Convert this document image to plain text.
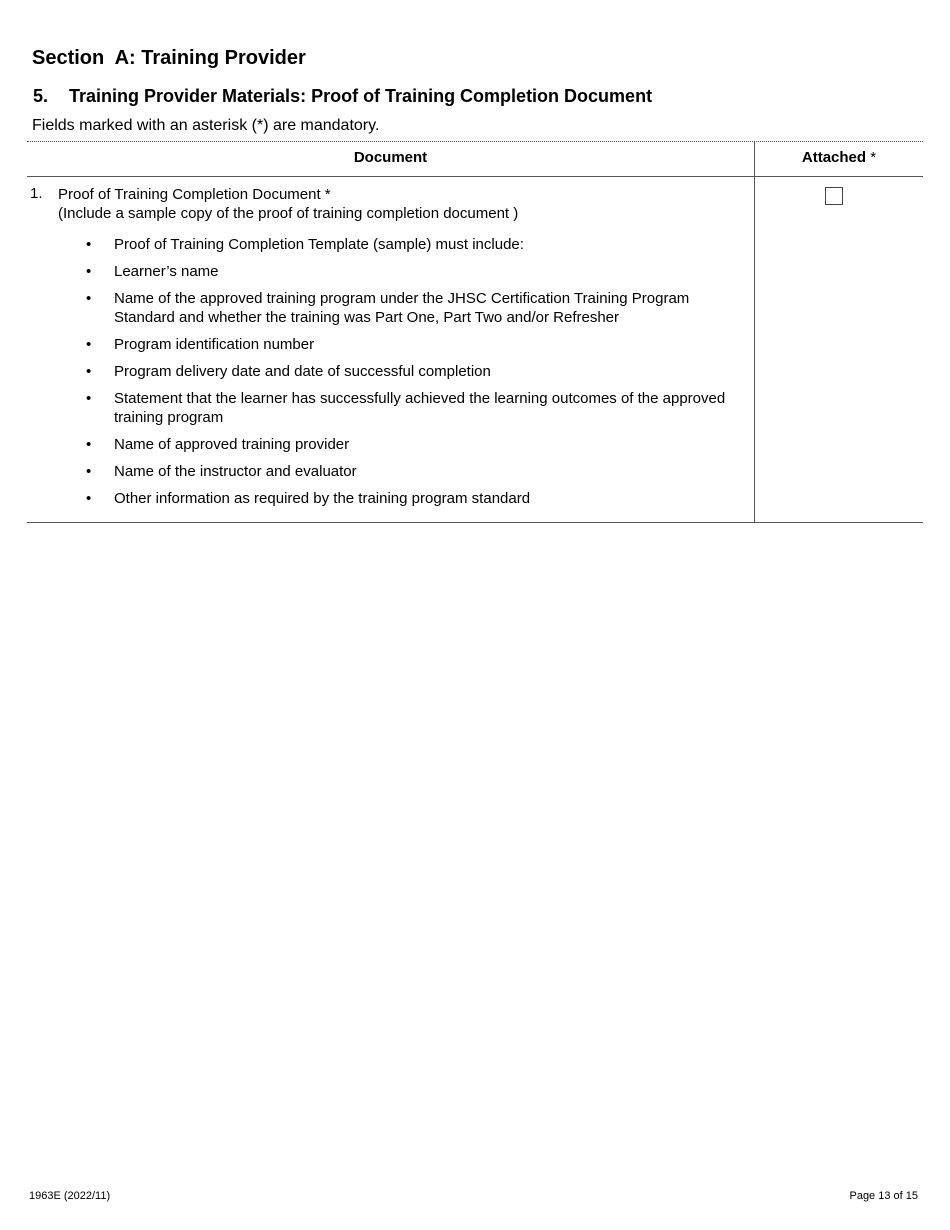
Section  A: Training Provider
5.	Training Provider Materials: Proof of Training Completion Document
Fields marked with an asterisk (*) are mandatory.
Document	Attached *
1. Proof of Training Completion Document *
(Include a sample copy of the proof of training completion document )
• Proof of Training Completion Template (sample) must include:
• Learner’s name
• Name of the approved training program under the JHSC Certification Training Program Standard and whether the training was Part One, Part Two and/or Refresher
• Program identification number
• Program delivery date and date of successful completion
• Statement that the learner has successfully achieved the learning outcomes of the approved training program
• Name of approved training provider
• Name of the instructor and evaluator
• Other information as required by the training program standard
1963E (2022/11)	Page 13 of 15
